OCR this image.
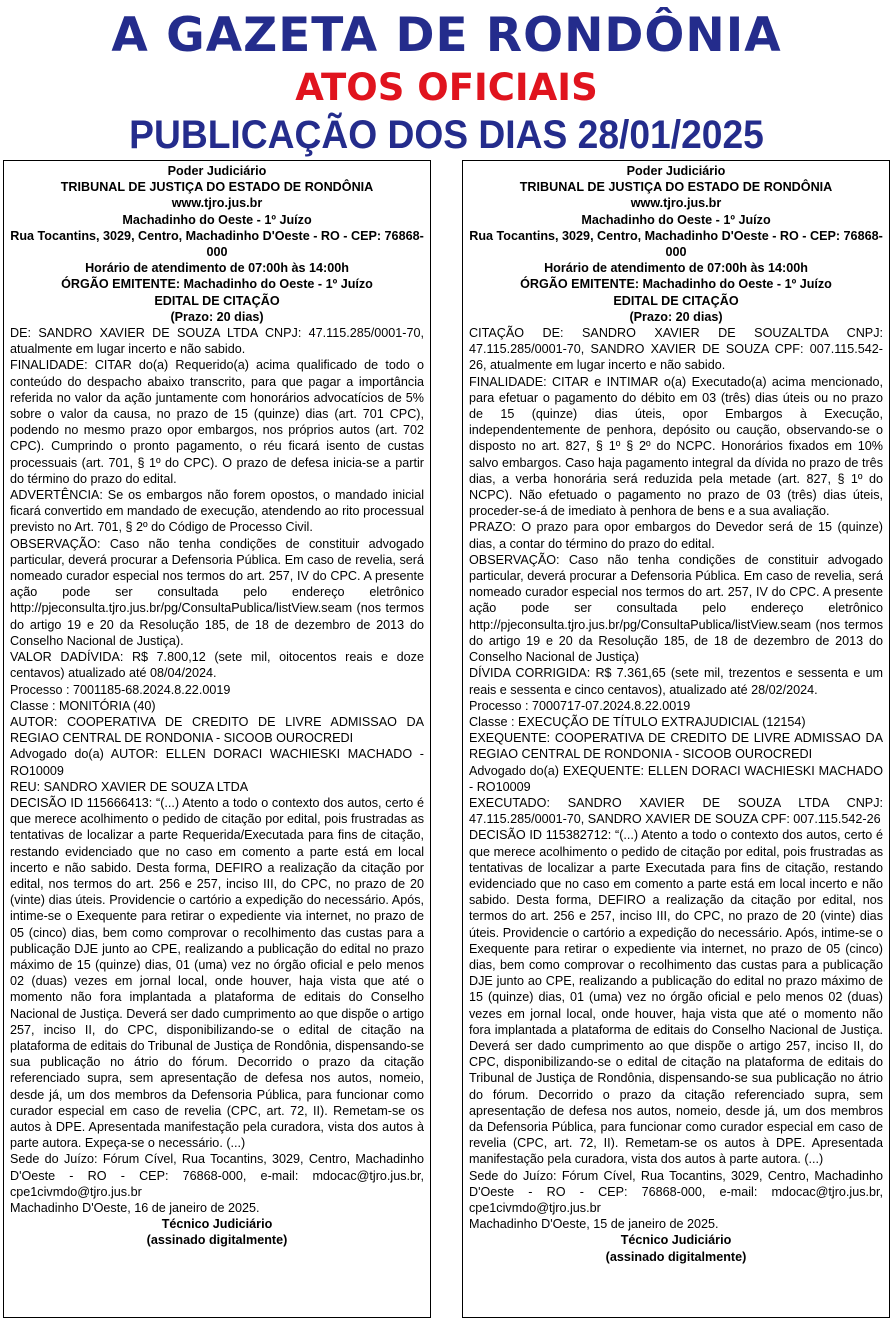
A GAZETA DE RONDÔNIA
ATOS OFICIAIS
PUBLICAÇÃO DOS DIAS 28/01/2025
Poder Judiciário
TRIBUNAL DE JUSTIÇA DO ESTADO DE RONDÔNIA
www.tjro.jus.br
Machadinho do Oeste - 1º Juízo
Rua Tocantins, 3029, Centro, Machadinho D'Oeste - RO - CEP: 76868-000
Horário de atendimento de 07:00h às 14:00h
ÓRGÃO EMITENTE: Machadinho do Oeste - 1º Juízo
EDITAL DE CITAÇÃO
(Prazo: 20 dias)

DE: SANDRO XAVIER DE SOUZA LTDA CNPJ: 47.115.285/0001-70, atualmente em lugar incerto e não sabido.

FINALIDADE: CITAR do(a) Requerido(a) acima qualificado de todo o conteúdo do despacho abaixo transcrito, para que pagar a importância referida no valor da ação juntamente com honorários advocatícios de 5% sobre o valor da causa, no prazo de 15 (quinze) dias (art. 701 CPC), podendo no mesmo prazo opor embargos, nos próprios autos (art. 702 CPC). Cumprindo o pronto pagamento, o réu ficará isento de custas processuais (art. 701, § 1º do CPC). O prazo de defesa inicia-se a partir do término do prazo do edital.

ADVERTÊNCIA: Se os embargos não forem opostos, o mandado inicial ficará convertido em mandado de execução, atendendo ao rito processual previsto no Art. 701, § 2º do Código de Processo Civil.

OBSERVAÇÃO: Caso não tenha condições de constituir advogado particular, deverá procurar a Defensoria Pública. Em caso de revelia, será nomeado curador especial nos termos do art. 257, IV do CPC. A presente ação pode ser consultada pelo endereço eletrônico http://pjeconsulta.tjro.jus.br/pg/ConsultaPublica/listView.seam (nos termos do artigo 19 e 20 da Resolução 185, de 18 de dezembro de 2013 do Conselho Nacional de Justiça).

VALOR DADÍVIDA: R$ 7.800,12 (sete mil, oitocentos reais e doze centavos) atualizado até 08/04/2024.

Processo : 7001185-68.2024.8.22.0019

Classe : MONITÓRIA (40)

AUTOR: COOPERATIVA DE CREDITO DE LIVRE ADMISSAO DA REGIAO CENTRAL DE RONDONIA - SICOOB OUROCREDI

Advogado do(a) AUTOR: ELLEN DORACI WACHIESKI MACHADO - RO10009

REU: SANDRO XAVIER DE SOUZA LTDA

DECISÃO ID 115666413: “(...) Atento a todo o contexto dos autos, certo é que merece acolhimento o pedido de citação por edital, pois frustradas as tentativas de localizar a parte Requerida/Executada para fins de citação, restando evidenciado que no caso em comento a parte está em local incerto e não sabido. Desta forma, DEFIRO a realização da citação por edital, nos termos do art. 256 e 257, inciso III, do CPC, no prazo de 20 (vinte) dias úteis. Providencie o cartório a expedição do necessário. Após, intime-se o Exequente para retirar o expediente via internet, no prazo de 05 (cinco) dias, bem como comprovar o recolhimento das custas para a publicação DJE junto ao CPE, realizando a publicação do edital no prazo máximo de 15 (quinze) dias, 01 (uma) vez no órgão oficial e pelo menos 02 (duas) vezes em jornal local, onde houver, haja vista que até o momento não fora implantada a plataforma de editais do Conselho Nacional de Justiça. Deverá ser dado cumprimento ao que dispõe o artigo 257, inciso II, do CPC, disponibilizando-se o edital de citação na plataforma de editais do Tribunal de Justiça de Rondônia, dispensando-se sua publicação no átrio do fórum. Decorrido o prazo da citação referenciado supra, sem apresentação de defesa nos autos, nomeio, desde já, um dos membros da Defensoria Pública, para funcionar como curador especial em caso de revelia (CPC, art. 72, II). Remetam-se os autos à DPE. Apresentada manifestação pela curadora, vista dos autos à parte autora. Expeça-se o necessário. (...)

Sede do Juízo: Fórum Cível, Rua Tocantins, 3029, Centro, Machadinho D'Oeste - RO - CEP: 76868-000, e-mail: mdocac@tjro.jus.br, cpe1civmdo@tjro.jus.br

Machadinho D'Oeste, 16 de janeiro de 2025.

Técnico Judiciário
(assinado digitalmente)
Poder Judiciário
TRIBUNAL DE JUSTIÇA DO ESTADO DE RONDÔNIA
www.tjro.jus.br
Machadinho do Oeste - 1º Juízo
Rua Tocantins, 3029, Centro, Machadinho D'Oeste - RO - CEP: 76868-000
Horário de atendimento de 07:00h às 14:00h
ÓRGÃO EMITENTE: Machadinho do Oeste - 1º Juízo
EDITAL DE CITAÇÃO
(Prazo: 20 dias)

CITAÇÃO DE: SANDRO XAVIER DE SOUZALTDA CNPJ: 47.115.285/0001-70, SANDRO XAVIER DE SOUZA CPF: 007.115.542-26, atualmente em lugar incerto e não sabido.

FINALIDADE: CITAR e INTIMAR o(a) Executado(a) acima mencionado, para efetuar o pagamento do débito em 03 (três) dias úteis ou no prazo de 15 (quinze) dias úteis, opor Embargos à Execução, independentemente de penhora, depósito ou caução, observando-se o disposto no art. 827, § 1º § 2º do NCPC. Honorários fixados em 10% salvo embargos. Caso haja pagamento integral da dívida no prazo de três dias, a verba honorária será reduzida pela metade (art. 827, § 1º do NCPC). Não efetuado o pagamento no prazo de 03 (três) dias úteis, proceder-se-á de imediato à penhora de bens e a sua avaliação.

PRAZO: O prazo para opor embargos do Devedor será de 15 (quinze) dias, a contar do término do prazo do edital.

OBSERVAÇÃO: Caso não tenha condições de constituir advogado particular, deverá procurar a Defensoria Pública. Em caso de revelia, será nomeado curador especial nos termos do art. 257, IV do CPC. A presente ação pode ser consultada pelo endereço eletrônico http://pjeconsulta.tjro.jus.br/pg/ConsultaPublica/listView.seam (nos termos do artigo 19 e 20 da Resolução 185, de 18 de dezembro de 2013 do Conselho Nacional de Justiça)

DÍVIDA CORRIGIDA: R$ 7.361,65 (sete mil, trezentos e sessenta e um reais e sessenta e cinco centavos), atualizado até 28/02/2024.

Processo : 7000717-07.2024.8.22.0019

Classe : EXECUÇÃO DE TÍTULO EXTRAJUDICIAL (12154)

EXEQUENTE: COOPERATIVA DE CREDITO DE LIVRE ADMISSAO DA REGIAO CENTRAL DE RONDONIA - SICOOB OUROCREDI

Advogado do(a) EXEQUENTE: ELLEN DORACI WACHIESKI MACHADO - RO10009

EXECUTADO: SANDRO XAVIER DE SOUZA LTDA CNPJ: 47.115.285/0001-70, SANDRO XAVIER DE SOUZA CPF: 007.115.542-26

DECISÃO ID 115382712: “(...) Atento a todo o contexto dos autos, certo é que merece acolhimento o pedido de citação por edital, pois frustradas as tentativas de localizar a parte Executada para fins de citação, restando evidenciado que no caso em comento a parte está em local incerto e não sabido. Desta forma, DEFIRO a realização da citação por edital, nos termos do art. 256 e 257, inciso III, do CPC, no prazo de 20 (vinte) dias úteis. Providencie o cartório a expedição do necessário. Após, intime-se o Exequente para retirar o expediente via internet, no prazo de 05 (cinco) dias, bem como comprovar o recolhimento das custas para a publicação DJE junto ao CPE, realizando a publicação do edital no prazo máximo de 15 (quinze) dias, 01 (uma) vez no órgão oficial e pelo menos 02 (duas) vezes em jornal local, onde houver, haja vista que até o momento não fora implantada a plataforma de editais do Conselho Nacional de Justiça. Deverá ser dado cumprimento ao que dispõe o artigo 257, inciso II, do CPC, disponibilizando-se o edital de citação na plataforma de editais do Tribunal de Justiça de Rondônia, dispensando-se sua publicação no átrio do fórum. Decorrido o prazo da citação referenciado supra, sem apresentação de defesa nos autos, nomeio, desde já, um dos membros da Defensoria Pública, para funcionar como curador especial em caso de revelia (CPC, art. 72, II). Remetam-se os autos à DPE. Apresentada manifestação pela curadora, vista dos autos à parte autora. (...)

Sede do Juízo: Fórum Cível, Rua Tocantins, 3029, Centro, Machadinho D'Oeste - RO - CEP: 76868-000, e-mail: mdocac@tjro.jus.br, cpe1civmdo@tjro.jus.br

Machadinho D'Oeste, 15 de janeiro de 2025.

Técnico Judiciário
(assinado digitalmente)
